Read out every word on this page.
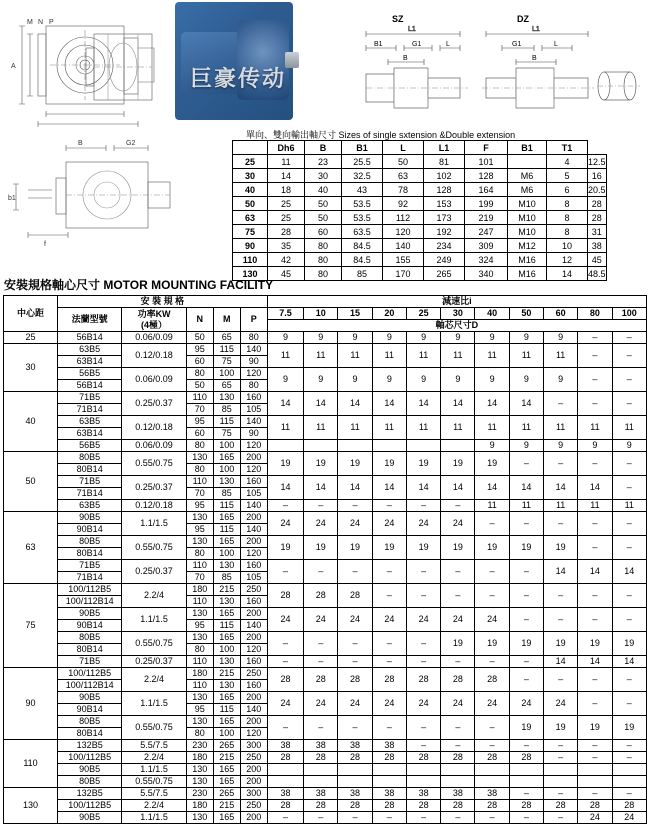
A
M N P
巨豪传动
B	G2
b1
f
SZ	DZ
L1
B1	G1	L
B
L1
G1	L
B
單向、雙向輸出軸尺寸 Sizes of single sxtension &Double extension
	Dh6	B	B1	L	L1	F	B1	T1	
25	11	23	25.5	50	81	101		4	12.5
30	14	30	32.5	63	102	128	M6	5	16
40	18	40	43	78	128	164	M6	6	20.5
50	25	50	53.5	92	153	199	M10	8	28
63	25	50	53.5	112	173	219	M10	8	28
75	28	60	63.5	120	192	247	M10	8	31
90	35	80	84.5	140	234	309	M12	10	38
110	42	80	84.5	155	249	324	M16	12	45
130	45	80	85	170	265	340	M16	14	48.5
安裝規格軸心尺寸 MOTOR MOUNTING FACILITY
中心距	安 裝 規 格					減速比i										
	法蘭型號	功率KW
(4極）	N	M	P	7.5	10	15	20	25	30	40	50	60	80	100
						軸芯尺寸D										
25	56B14	0.06/0.09	50	65	80	9	9	9	9	9	9	9	9	9	–	–
30	63B5	0.12/0.18	95	115	140	11	11	11	11	11	11	11	11	11	–	–
	63B14		60	75	90											
	56B5	0.06/0.09	80	100	120	9	9	9	9	9	9	9	9	9	–	–
	56B14		50	65	80											
40	71B5	0.25/0.37	110	130	160	14	14	14	14	14	14	14	14	–	–	–
	71B14		70	85	105											
	63B5	0.12/0.18	95	115	140	11	11	11	11	11	11	11	11	11	11	11
	63B14		60	75	90											
	56B5	0.06/0.09	80	100	120							9	9	9	9	9
50	80B5	0.55/0.75	130	165	200	19	19	19	19	19	19	19	–	–	–	–
	80B14		80	100	120											
	71B5	0.25/0.37	110	130	160	14	14	14	14	14	14	14	14	14	14	–
	71B14		70	85	105											
	63B5	0.12/0.18	95	115	140	–	–	–	–	–	–	11	11	11	11	11
63	90B5	1.1/1.5	130	165	200	24	24	24	24	24	24	–	–	–	–	–
	90B14		95	115	140											
	80B5	0.55/0.75	130	165	200	19	19	19	19	19	19	19	19	19	–	–
	80B14		80	100	120											
	71B5	0.25/0.37	110	130	160	–	–	–	–	–	–	–	–	14	14	14
	71B14		70	85	105											
75	100/112B5	2.2/4	180	215	250	28	28	28	–	–	–	–	–	–	–	–
	100/112B14		110	130	160											
	90B5	1.1/1.5	130	165	200	24	24	24	24	24	24	24	–	–	–	–
	90B14		95	115	140											
	80B5	0.55/0.75	130	165	200	–	–	–	–	–	19	19	19	19	19	19
	80B14		80	100	120											
	71B5	0.25/0.37	110	130	160	–	–	–	–	–	–	–	–	14	14	14
90	100/112B5	2.2/4	180	215	250	28	28	28	28	28	28	28	–	–	–	–
	100/112B14		110	130	160											
	90B5	1.1/1.5	130	165	200	24	24	24	24	24	24	24	24	24	–	–
	90B14		95	115	140											
	80B5	0.55/0.75	130	165	200	–	–	–	–	–	–	–	19	19	19	19
	80B14		80	100	120											
110	132B5	5.5/7.5	230	265	300	38	38	38	38	–	–	–	–	–	–	–
	100/112B5	2.2/4	180	215	250	28	28	28	28	28	28	28	28	–	–	–
	90B5	1.1/1.5	130	165	200											
	80B5	0.55/0.75	130	165	200											
130	132B5	5.5/7.5	230	265	300	38	38	38	38	38	38	38	–	–	–	–
	100/112B5	2.2/4	180	215	250	28	28	28	28	28	28	28	28	28	28	28
	90B5	1.1/1.5	130	165	200	–	–	–	–	–	–	–	–	–	24	24
